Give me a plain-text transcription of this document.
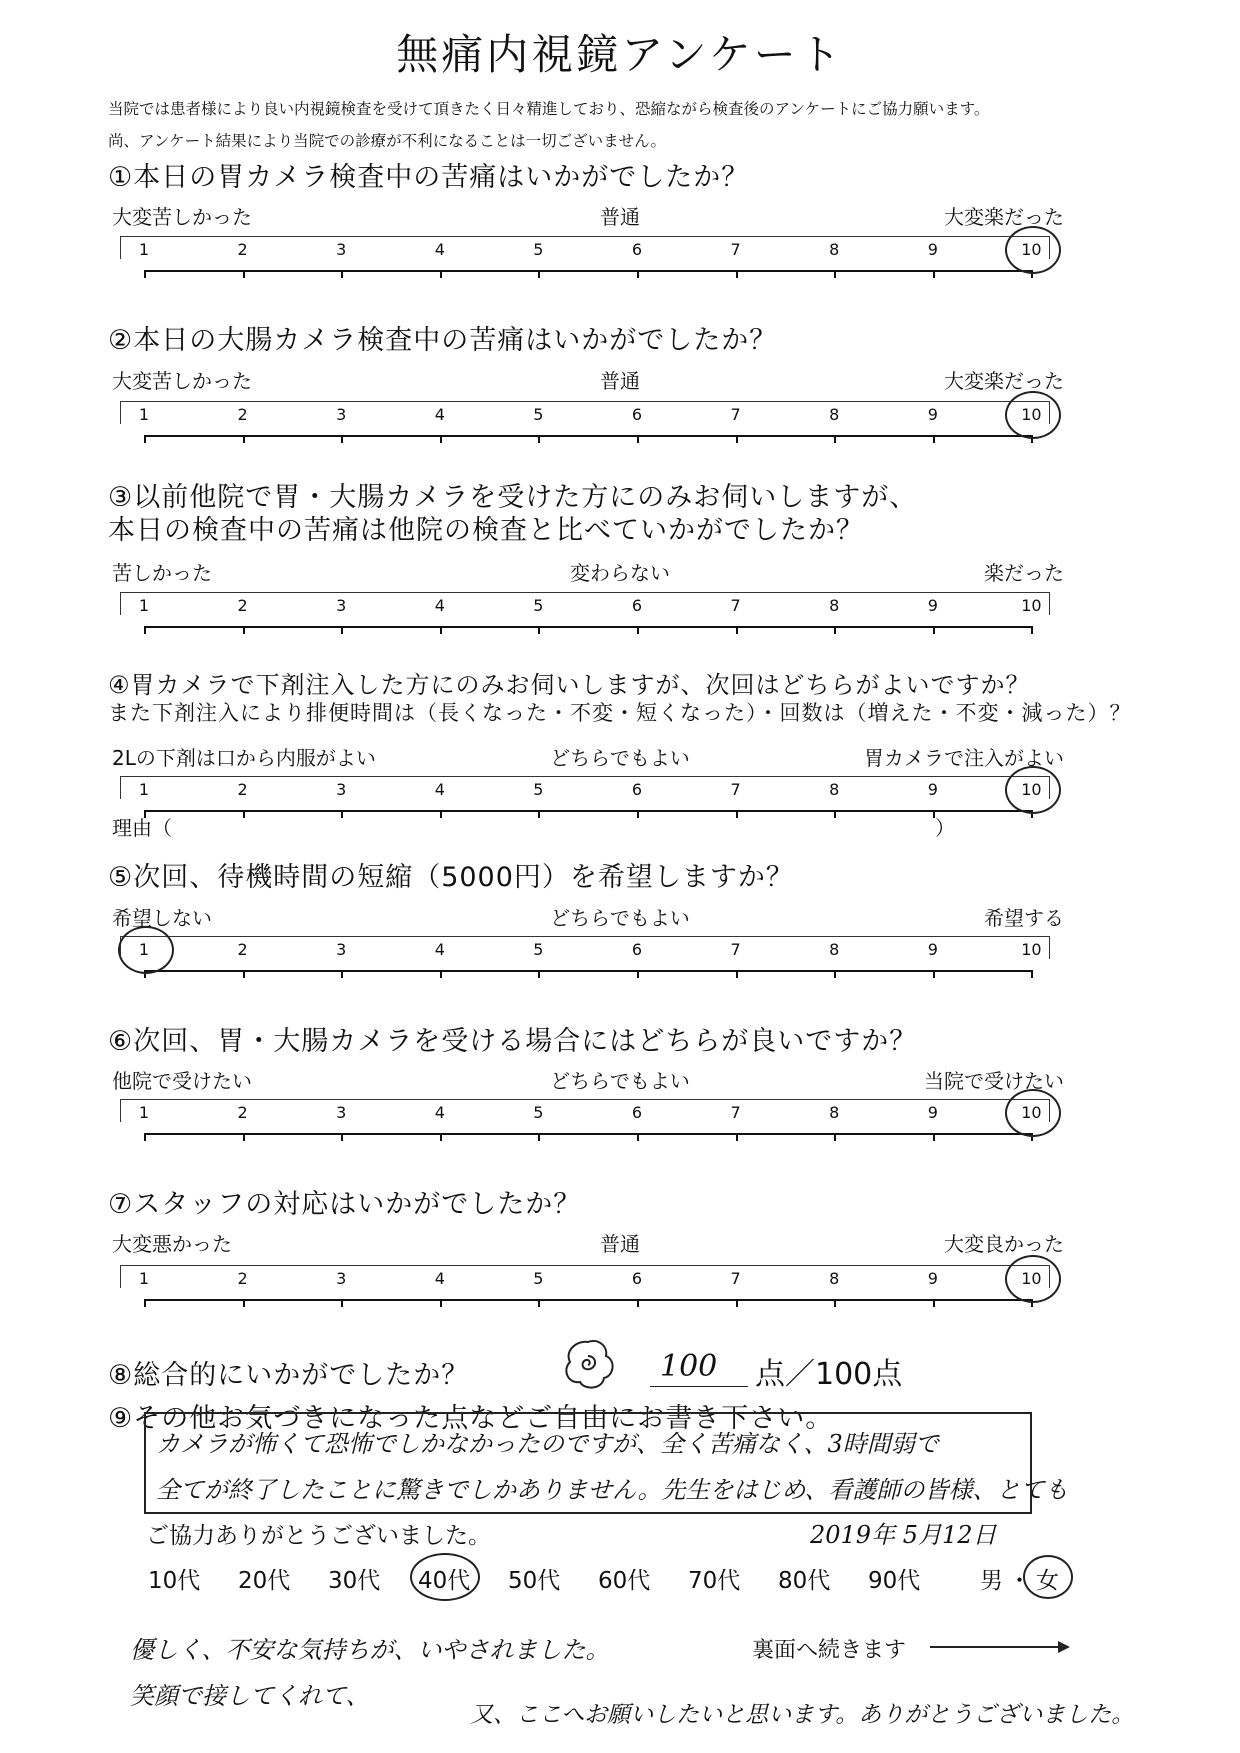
無痛内視鏡アンケート
当院では患者様により良い内視鏡検査を受けて頂きたく日々精進しており、恐縮ながら検査後のアンケートにご協力願います。
尚、アンケート結果により当院での診療が不利になることは一切ございません。
①本日の胃カメラ検査中の苦痛はいかがでしたか？
大変苦しかった	普通	大変楽だった
1	2	3	4	5	6	7	8	9	10
②本日の大腸カメラ検査中の苦痛はいかがでしたか？
大変苦しかった	普通	大変楽だった
1	2	3	4	5	6	7	8	9	10
③以前他院で胃・大腸カメラを受けた方にのみお伺いしますが、
本日の検査中の苦痛は他院の検査と比べていかがでしたか？
苦しかった	変わらない	楽だった
1	2	3	4	5	6	7	8	9	10
④胃カメラで下剤注入した方にのみお伺いしますが、次回はどちらがよいですか？
また下剤注入により排便時間は（長くなった・不変・短くなった）・回数は（増えた・不変・減った）？
2Lの下剤は口から内服がよい	どちらでもよい	胃カメラで注入がよい
1	2	3	4	5	6	7	8	9	10
理由（	）
⑤次回、待機時間の短縮（5000円）を希望しますか？
希望しない	どちらでもよい	希望する
1	2	3	4	5	6	7	8	9	10
⑥次回、胃・大腸カメラを受ける場合にはどちらが良いですか？
他院で受けたい	どちらでもよい	当院で受けたい
1	2	3	4	5	6	7	8	9	10
⑦スタッフの対応はいかがでしたか？
大変悪かった	普通	大変良かった
1	2	3	4	5	6	7	8	9	10
⑧総合的にいかがでしたか？	100 点／100点
⑨その他お気づきになった点などご自由にお書き下さい。
カメラが怖くて恐怖でしかなかったのですが、全く苦痛なく、3時間弱で
全てが終了したことに驚きでしかありません。先生をはじめ、看護師の皆様、とても
ご協力ありがとうございました。	2019年 5月12日
10代 20代 30代 40代 50代 60代 70代 80代 90代	男 ・ 女
裏面へ続きます
優しく、不安な気持ちが、いやされました。
笑顔で接してくれて、
又、ここへお願いしたいと思います。ありがとうございました。
